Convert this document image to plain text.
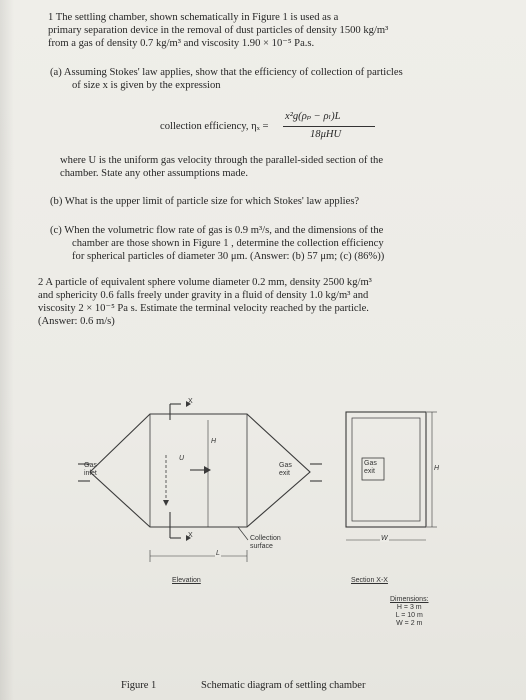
1 The settling chamber, shown schematically in Figure 1 is used as a
primary separation device in the removal of dust particles of density 1500 kg/m³
from a gas of density 0.7 kg/m³ and viscosity 1.90 × 10⁻⁵ Pa.s.
(a) Assuming Stokes' law applies, show that the efficiency of collection of particles
of size x is given by the expression
collection efficiency, ηₓ =
x²g(ρₚ − ρₗ)L
18μHU
where U is the uniform gas velocity through the parallel-sided section of the
chamber. State any other assumptions made.
(b) What is the upper limit of particle size for which Stokes' law applies?
(c) When the volumetric flow rate of gas is 0.9 m³/s, and the dimensions of the
chamber are those shown in Figure 1 , determine the collection efficiency
for spherical particles of diameter 30 μm. (Answer: (b) 57 μm; (c) (86%))
2 A particle of equivalent sphere volume diameter 0.2 mm, density 2500 kg/m³
and sphericity 0.6 falls freely under gravity in a fluid of density 1.0 kg/m³ and
viscosity 2 × 10⁻⁵ Pa s. Estimate the terminal velocity reached by the particle.
(Answer: 0.6 m/s)
X
X
H
U
Gas
inlet
Gas
exit
Collection
surface
L
Elevation
Gas
exit	H
W
Section X-X
Dimensions:
H = 3 m
L = 10 m
W = 2 m
Figure 1	Schematic diagram of settling chamber
